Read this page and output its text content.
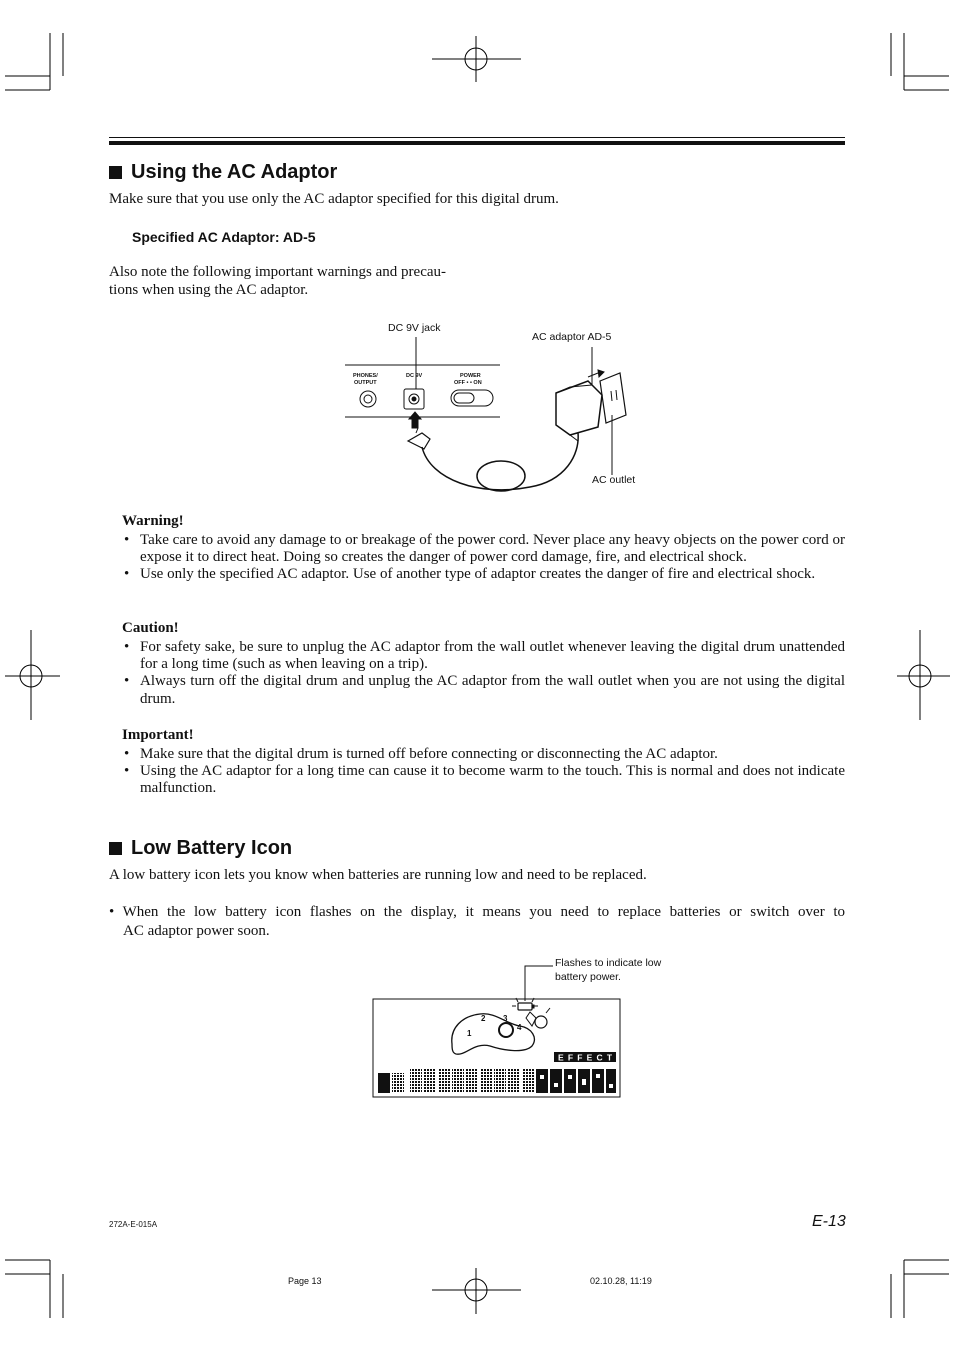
Using the AC Adaptor
Make sure that you use only the AC adaptor specified for this digital drum.
Specified AC Adaptor: AD-5
Also note the following important warnings and precau-
tions when using the AC adaptor.
PHONES/
OUTPUT
DC 9V	POWER
OFF • • ON
DC 9V jack
AC adaptor AD-5
AC outlet
Warning!
• Take care to avoid any damage to or breakage of the power cord. Never place any heavy objects on the power cord or expose it to direct heat. Doing so creates the danger of power cord damage, fire, and electrical shock.
• Use only the specified AC adaptor. Use of another type of adaptor creates the danger of fire and electrical shock.
Caution!
• For safety sake, be sure to unplug the AC adaptor from the wall outlet whenever leaving the digital drum unattended for a long time (such as when leaving on a trip).
• Always turn off the digital drum and unplug the AC adaptor from the wall outlet when you are not using the digital drum.
Important!
• Make sure that the digital drum is turned off before connecting or disconnecting the AC adaptor.
• Using the AC adaptor for a long time can cause it to become warm to the touch. This is normal and does not indicate malfunction.
Low Battery Icon
A low battery icon lets you know when batteries are running low and need to be replaced.
• When the low battery icon flashes on the display, it means you need to replace batteries or switch over to
AC adaptor power soon.
Flashes to indicate low
battery power.
1
2 3
4
EFFECT
E-13
272A-E-015A
Page 13	02.10.28, 11:19
